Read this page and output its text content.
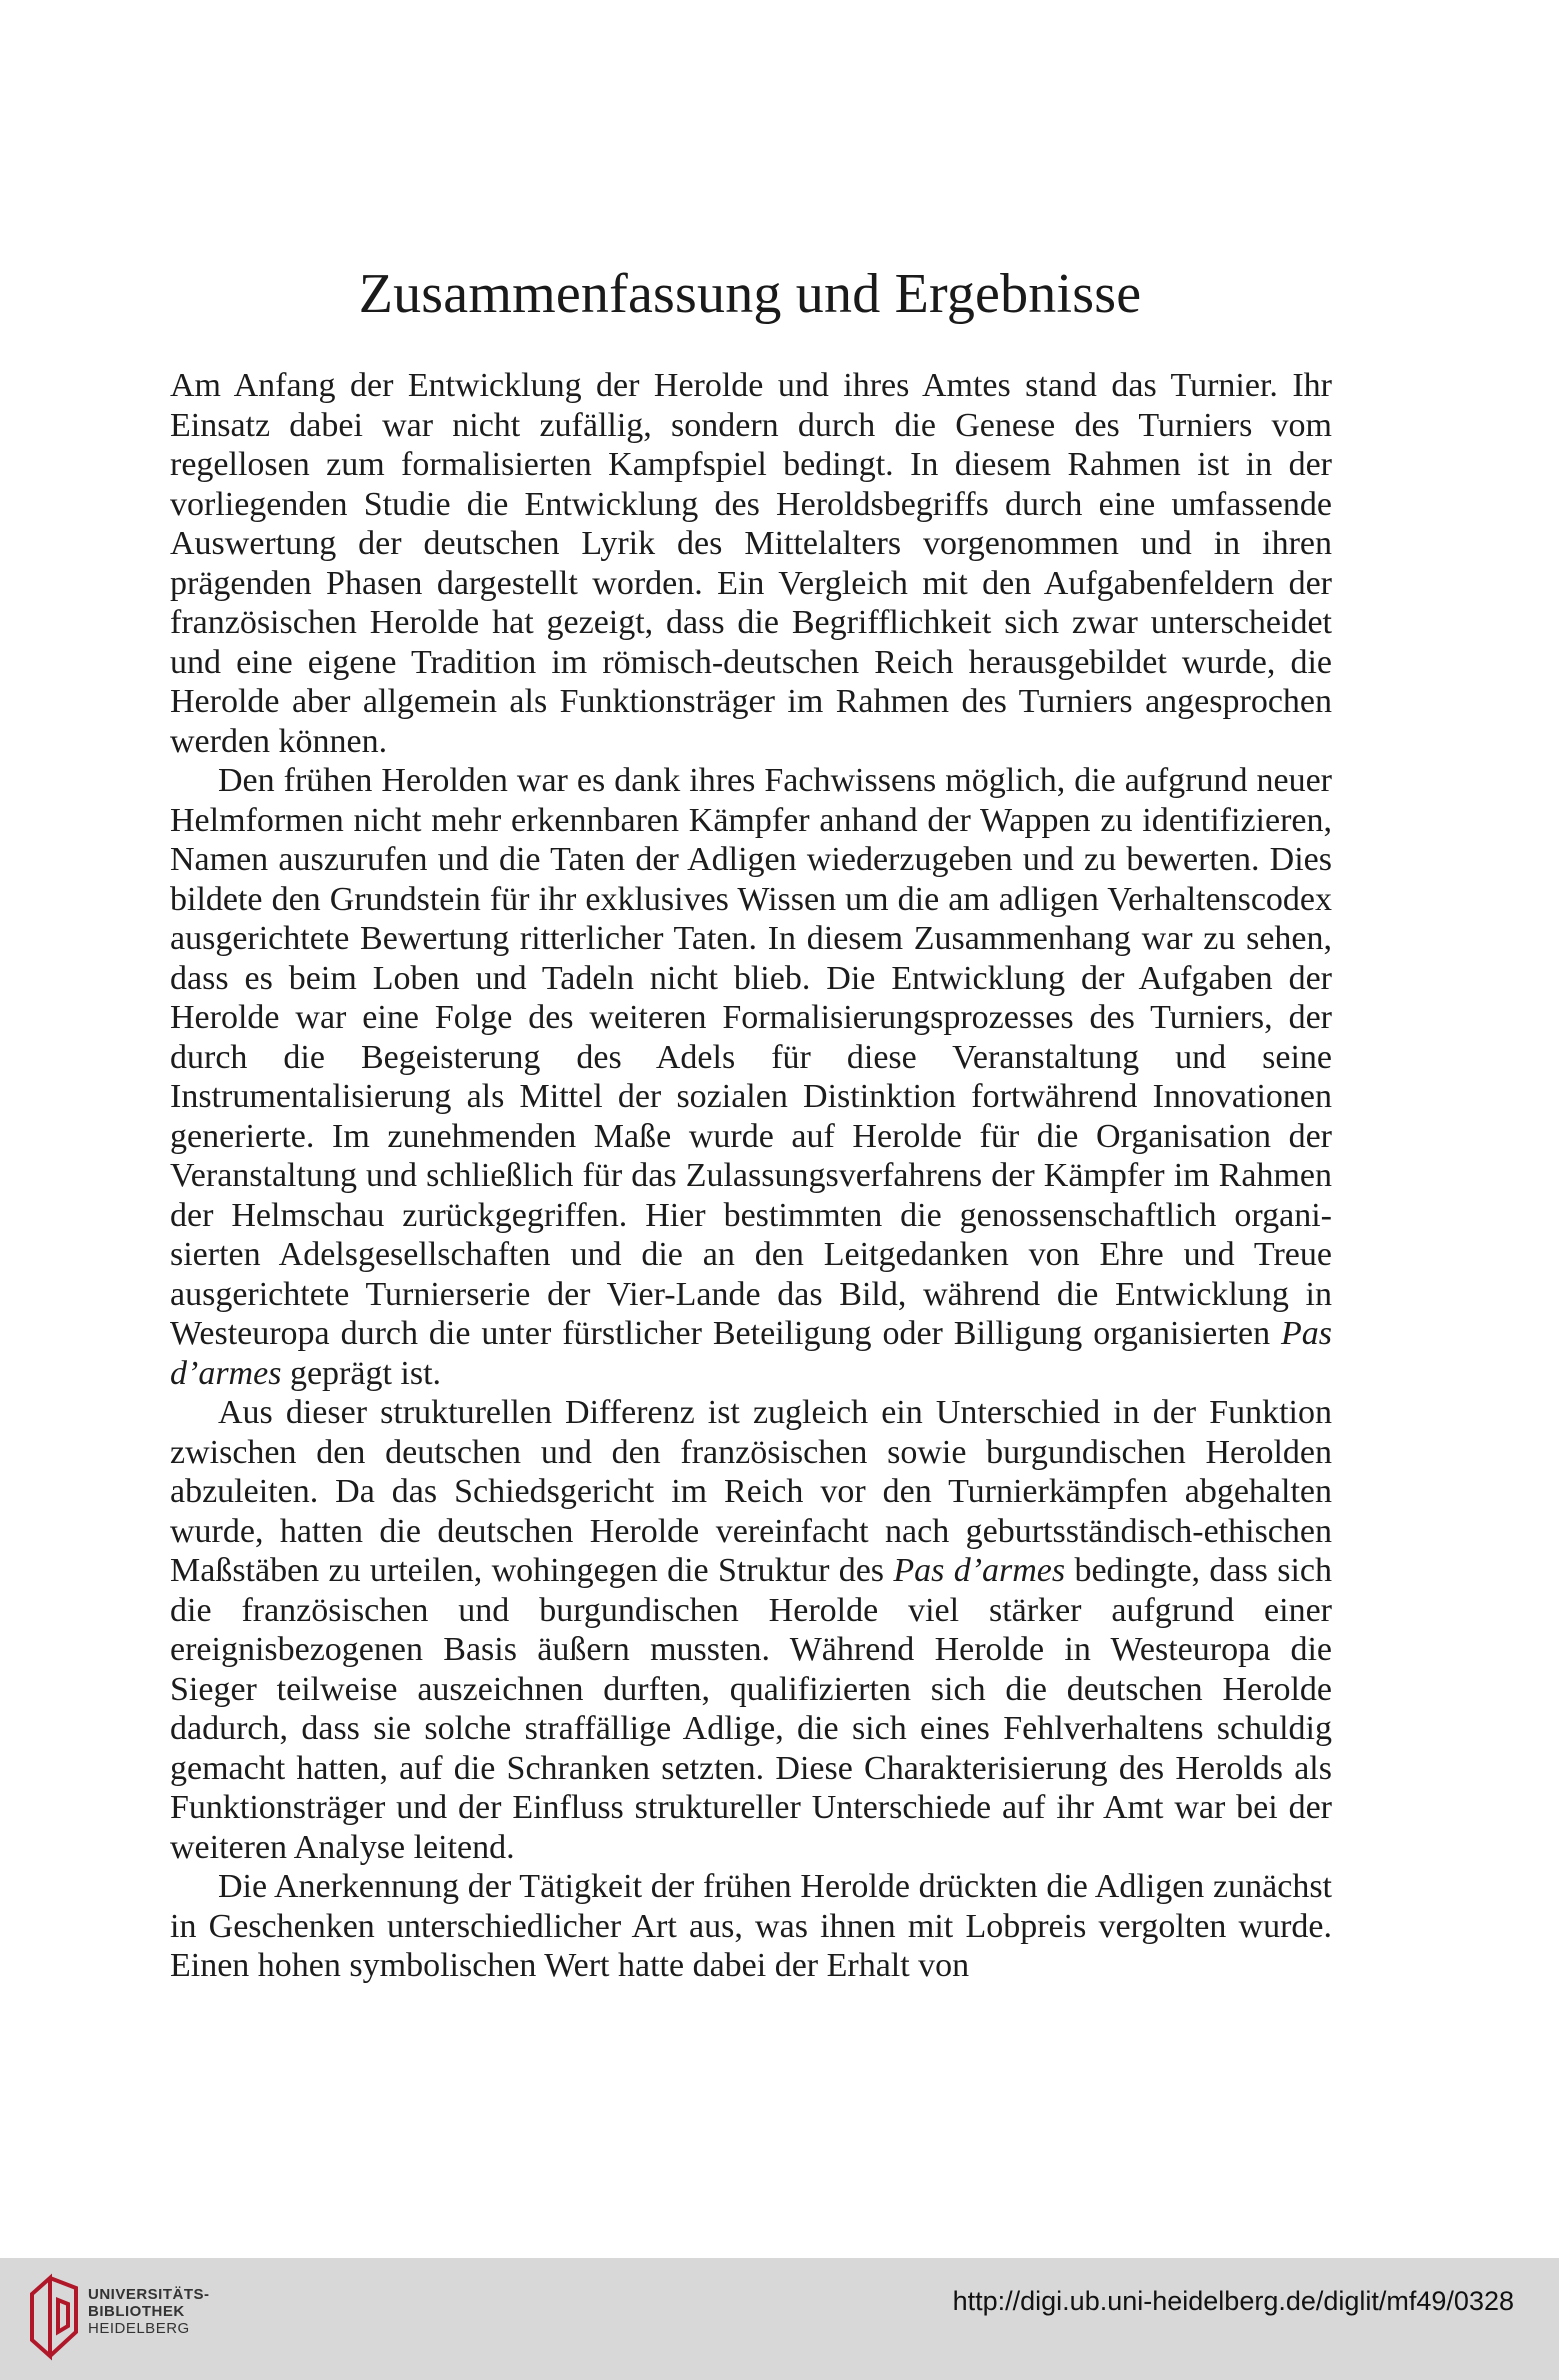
Zusammenfassung und Ergebnisse

Am Anfang der Entwicklung der Herolde und ihres Amtes stand das Turnier. Ihr Einsatz dabei war nicht zufällig, sondern durch die Genese des Turniers vom regellosen zum formalisierten Kampfspiel bedingt. In diesem Rahmen ist in der vorliegenden Studie die Entwicklung des Heroldsbegriffs durch eine umfassende Auswertung der deutschen Lyrik des Mittelalters vorgenommen und in ihren prägenden Phasen dargestellt worden. Ein Vergleich mit den Aufgabenfeldern der französischen Herolde hat gezeigt, dass die Begrifflichkeit sich zwar unterscheidet und eine eigene Tradition im römisch-deutschen Reich herausgebildet wurde, die Herolde aber allgemein als Funktionsträger im Rahmen des Turniers angesprochen werden können.

Den frühen Herolden war es dank ihres Fachwissens möglich, die aufgrund neuer Helmformen nicht mehr erkennbaren Kämpfer anhand der Wappen zu identifizieren, Namen auszurufen und die Taten der Adligen wiederzugeben und zu bewerten. Dies bildete den Grundstein für ihr exklusives Wissen um die am adligen Verhaltenscodex ausgerichtete Bewertung ritterlicher Taten. In diesem Zusammenhang war zu sehen, dass es beim Loben und Tadeln nicht blieb. Die Entwicklung der Aufgaben der Herolde war eine Folge des weiteren Formalisierungsprozesses des Turniers, der durch die Begeisterung des Adels für diese Veranstaltung und seine Instrumentalisierung als Mittel der sozialen Distinktion fortwährend Innovationen generierte. Im zunehmenden Maße wurde auf Herolde für die Organisation der Veranstaltung und schließlich für das Zulassungsverfahrens der Kämpfer im Rahmen der Helmschau zurückgegriffen. Hier bestimmten die genossenschaftlich organisierten Adelsgesellschaften und die an den Leitgedanken von Ehre und Treue ausgerichtete Turnierserie der Vier-Lande das Bild, während die Entwicklung in Westeuropa durch die unter fürstlicher Beteiligung oder Billigung organisierten Pas d’armes geprägt ist.

Aus dieser strukturellen Differenz ist zugleich ein Unterschied in der Funktion zwischen den deutschen und den französischen sowie burgundischen Herolden abzuleiten. Da das Schiedsgericht im Reich vor den Turnierkämpfen abgehalten wurde, hatten die deutschen Herolde vereinfacht nach geburtsständisch-ethischen Maßstäben zu urteilen, wohingegen die Struktur des Pas d’armes bedingte, dass sich die französischen und burgundischen Herolde viel stärker aufgrund einer ereignisbezogenen Basis äußern mussten. Während Herolde in Westeuropa die Sieger teilweise auszeichnen durften, qualifizierten sich die deutschen Herolde dadurch, dass sie solche straffällige Adlige, die sich eines Fehlverhaltens schuldig gemacht hatten, auf die Schranken setzten. Diese Charakterisierung des Herolds als Funktionsträger und der Einfluss struktureller Unterschiede auf ihr Amt war bei der weiteren Analyse leitend.

Die Anerkennung der Tätigkeit der frühen Herolde drückten die Adligen zunächst in Geschenken unterschiedlicher Art aus, was ihnen mit Lobpreis vergolten wurde. Einen hohen symbolischen Wert hatte dabei der Erhalt von

UNIVERSITÄTS-
BIBLIOTHEK
HEIDELBERG
http://digi.ub.uni-heidelberg.de/diglit/mf49/0328
